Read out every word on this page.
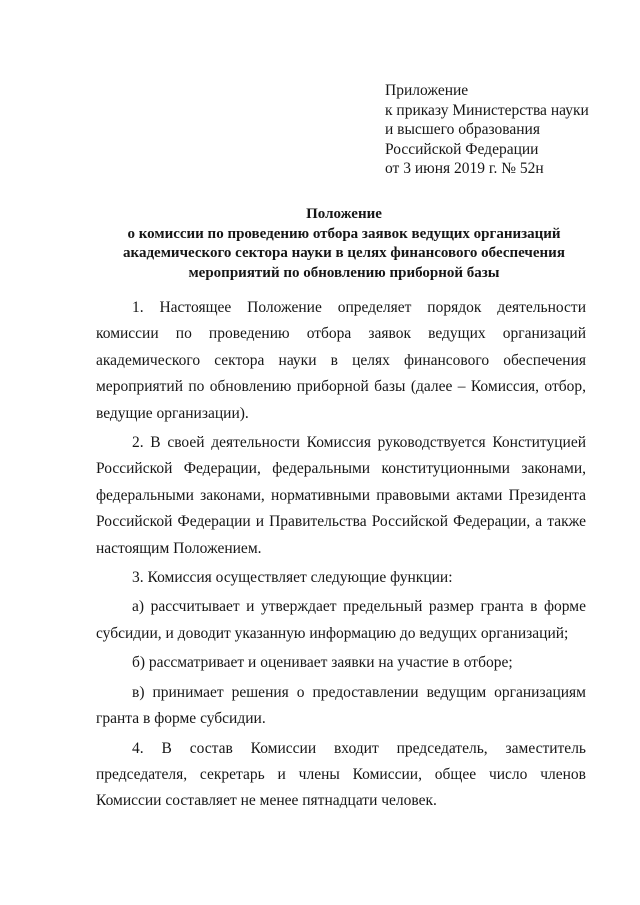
Приложение
к приказу Министерства науки
и высшего образования
Российской Федерации
от 3 июня 2019 г. № 52н
Положение
о комиссии по проведению отбора заявок ведущих организаций
академического сектора науки в целях финансового обеспечения
мероприятий по обновлению приборной базы

1. Настоящее Положение определяет порядок деятельности комиссии по проведению отбора заявок ведущих организаций академического сектора науки в целях финансового обеспечения мероприятий по обновлению приборной базы (далее – Комиссия, отбор, ведущие организации).

2. В своей деятельности Комиссия руководствуется Конституцией Российской Федерации, федеральными конституционными законами, федеральными законами, нормативными правовыми актами Президента Российской Федерации и Правительства Российской Федерации, а также настоящим Положением.

3. Комиссия осуществляет следующие функции:

а) рассчитывает и утверждает предельный размер гранта в форме субсидии, и доводит указанную информацию до ведущих организаций;

б) рассматривает и оценивает заявки на участие в отборе;

в) принимает решения о предоставлении ведущим организациям гранта в форме субсидии.

4. В состав Комиссии входит председатель, заместитель председателя, секретарь и члены Комиссии, общее число членов Комиссии составляет не менее пятнадцати человек.
